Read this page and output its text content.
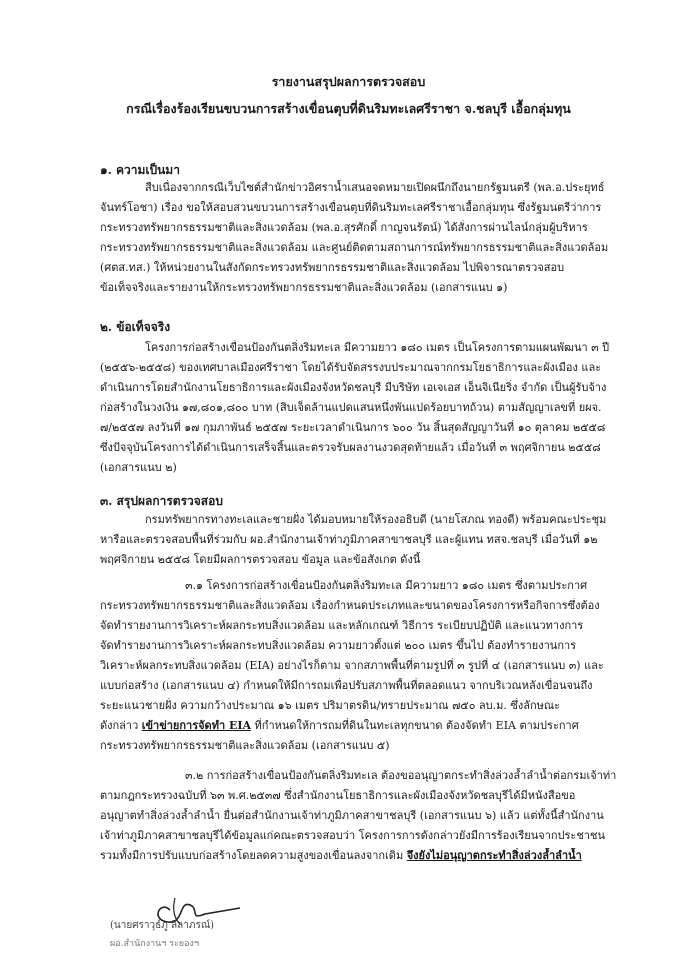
รายงานสรุปผลการตรวจสอบ
กรณีเรื่องร้องเรียนขบวนการสร้างเขื่อนตุบที่ดินริมทะเลศรีราชา จ.ชลบุรี เอื้อกลุ่มทุน
๑. ความเป็นมา
สืบเนื่องจากกรณีเว็บไซต์สำนักข่าวอิศราน้ำเสนอจดหมายเปิดผนึกถึงนายกรัฐมนตรี (พล.อ.ประยุทธ์
จันทร์โอชา) เรื่อง ขอให้สอบสวนขบวนการสร้างเขื่อนตุบที่ดินริมทะเลศรีราชาเอื้อกลุ่มทุน ซึ่งรัฐมนตรีว่าการ
กระทรวงทรัพยากรธรรมชาติและสิ่งแวดล้อม (พล.อ.สุรศักดิ์ กาญจนรัตน์) ได้สั่งการผ่านไลน์กลุ่มผู้บริหาร
กระทรวงทรัพยากรธรรมชาติและสิ่งแวดล้อม และศูนย์ติดตามสถานการณ์ทรัพยากรธรรมชาติและสิ่งแวดล้อม
(ศตส.ทส.) ให้หน่วยงานในสังกัดกระทรวงทรัพยากรธรรมชาติและสิ่งแวดล้อม ไปพิจารณาตรวจสอบ
ข้อเท็จจริงและรายงานให้กระทรวงทรัพยากรธรรมชาติและสิ่งแวดล้อม (เอกสารแนบ ๑)
๒. ข้อเท็จจริง
โครงการก่อสร้างเขื่อนป้องกันตลิ่งริมทะเล มีความยาว ๑๘๐ เมตร เป็นโครงการตามแผนพัฒนา ๓ ปี
(๒๕๕๖-๒๕๕๘) ของเทศบาลเมืองศรีราชา โดยได้รับจัดสรรงบประมาณจากกรมโยธาธิการและผังเมือง และ
ดำเนินการโดยสำนักงานโยธาธิการและผังเมืองจังหวัดชลบุรี มีบริษัท เอเจเอส เอ็นจิเนียริ่ง จำกัด เป็นผู้รับจ้าง
ก่อสร้างในวงเงิน ๑๗,๘๐๑,๘๐๐ บาท (สิบเจ็ดล้านแปดแสนหนึ่งพันแปดร้อยบาทถ้วน) ตามสัญญาเลขที่ ยผจ.
๗/๒๕๕๗ ลงวันที่ ๑๗ กุมภาพันธ์ ๒๕๕๗ ระยะเวลาดำเนินการ ๖๐๐ วัน สิ้นสุดสัญญาวันที่ ๑๐ ตุลาคม ๒๕๕๘
ซึ่งปัจจุบันโครงการได้ดำเนินการเสร็จสิ้นและตรวจรับผลงานงวดสุดท้ายแล้ว เมื่อวันที่ ๓ พฤศจิกายน ๒๕๕๘
(เอกสารแนบ ๒)
๓. สรุปผลการตรวจสอบ
กรมทรัพยากรทางทะเลและชายฝั่ง ได้มอบหมายให้รองอธิบดี (นายโสภณ ทองดี) พร้อมคณะประชุม
หารือและตรวจสอบพื้นที่ร่วมกับ ผอ.สำนักงานเจ้าท่าภูมิภาคสาขาชลบุรี และผู้แทน ทสจ.ชลบุรี เมื่อวันที่ ๑๒
พฤศจิกายน ๒๕๕๘ โดยมีผลการตรวจสอบ ข้อมูล และข้อสังเกต ดังนี้
๓.๑ โครงการก่อสร้างเขื่อนป้องกันตลิ่งริมทะเล มีความยาว ๑๘๐ เมตร ซึ่งตามประกาศ
กระทรวงทรัพยากรธรรมชาติและสิ่งแวดล้อม เรื่องกำหนดประเภทและขนาดของโครงการหรือกิจการซึ่งต้อง
จัดทำรายงานการวิเคราะห์ผลกระทบสิ่งแวดล้อม และหลักเกณฑ์ วิธีการ ระเบียบปฏิบัติ และแนวทางการ
จัดทำรายงานการวิเคราะห์ผลกระทบสิ่งแวดล้อม ความยาวตั้งแต่ ๒๐๐ เมตร ขึ้นไป ต้องทำรายงานการ
วิเคราะห์ผลกระทบสิ่งแวดล้อม (EIA) อย่างไรก็ตาม จากสภาพพื้นที่ตามรูปที่ ๓ รูปที่ ๔ (เอกสารแนบ ๓) และ
แบบก่อสร้าง (เอกสารแนบ ๔) กำหนดให้มีการถมเพื่อปรับสภาพพื้นที่ตลอดแนว จากบริเวณหลังเขื่อนจนถึง
ระยะแนวชายฝั่ง ความกว้างประมาณ ๑๖ เมตร ปริมาตรดิน/ทรายประมาณ ๗๕๐ ลบ.ม. ซึ่งลักษณะ
ดังกล่าว เข้าข่ายการจัดทำ EIA ที่กำหนดให้การถมที่ดินในทะเลทุกขนาด ต้องจัดทำ EIA ตามประกาศ
กระทรวงทรัพยากรธรรมชาติและสิ่งแวดล้อม (เอกสารแนบ ๕)
๓.๒ การก่อสร้างเขื่อนป้องกันตลิ่งริมทะเล ต้องขออนุญาตกระทำสิ่งล่วงล้ำลำน้ำต่อกรมเจ้าท่า
ตามกฎกระทรวงฉบับที่ ๖๓ พ.ศ.๒๕๓๗ ซึ่งสำนักงานโยธาธิการและผังเมืองจังหวัดชลบุรีได้มีหนังสือขอ
อนุญาตทำสิ่งล่วงล้ำลำน้ำ ยื่นต่อสำนักงานเจ้าท่าภูมิภาคสาขาชลบุรี (เอกสารแนบ ๖) แล้ว แต่ทั้งนี้สำนักงาน
เจ้าท่าภูมิภาคสาขาชลบุรีได้ข้อมูลแก่คณะตรวจสอบว่า โครงการการดังกล่าวยังมีการร้องเรียนจากประชาชน
รวมทั้งมีการปรับแบบก่อสร้างโดยลดความสูงของเขื่อนลงจากเดิม จึงยังไม่อนุญาตกระทำสิ่งล่วงล้ำลำน้ำ
(นายศราวุธ์ภู ลีลาภรณ์)
ผอ.สำนักงานฯ ระยองฯ
